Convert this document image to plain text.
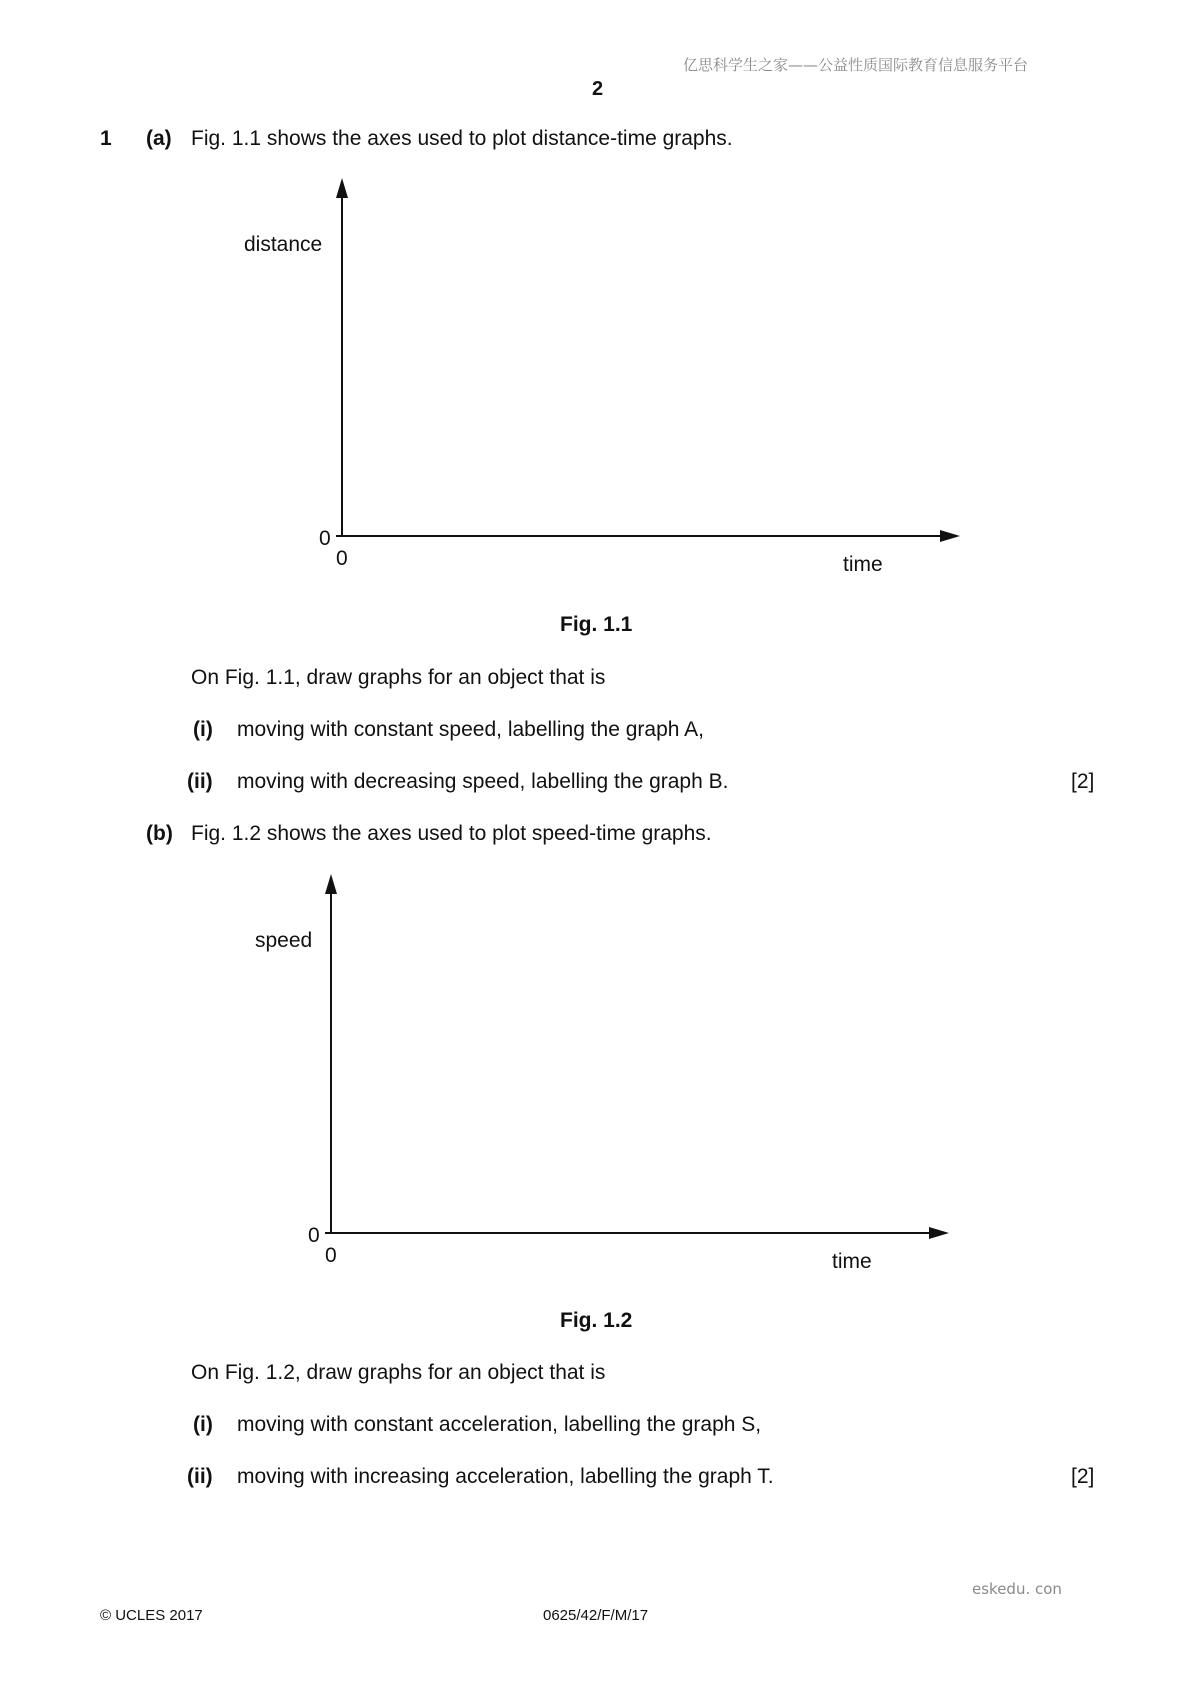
亿思科学生之家——公益性质国际教育信息服务平台
2
1 (a) Fig. 1.1 shows the axes used to plot distance-time graphs.
distance
0
0	time
Fig. 1.1
On Fig. 1.1, draw graphs for an object that is
(i) moving with constant speed, labelling the graph A,
(ii) moving with decreasing speed, labelling the graph B.	[2]
(b) Fig. 1.2 shows the axes used to plot speed-time graphs.
speed
0
0	time
Fig. 1.2
On Fig. 1.2, draw graphs for an object that is
(i) moving with constant acceleration, labelling the graph S,
(ii) moving with increasing acceleration, labelling the graph T.	[2]
eskedu. con
© UCLES 2017	0625/42/F/M/17
